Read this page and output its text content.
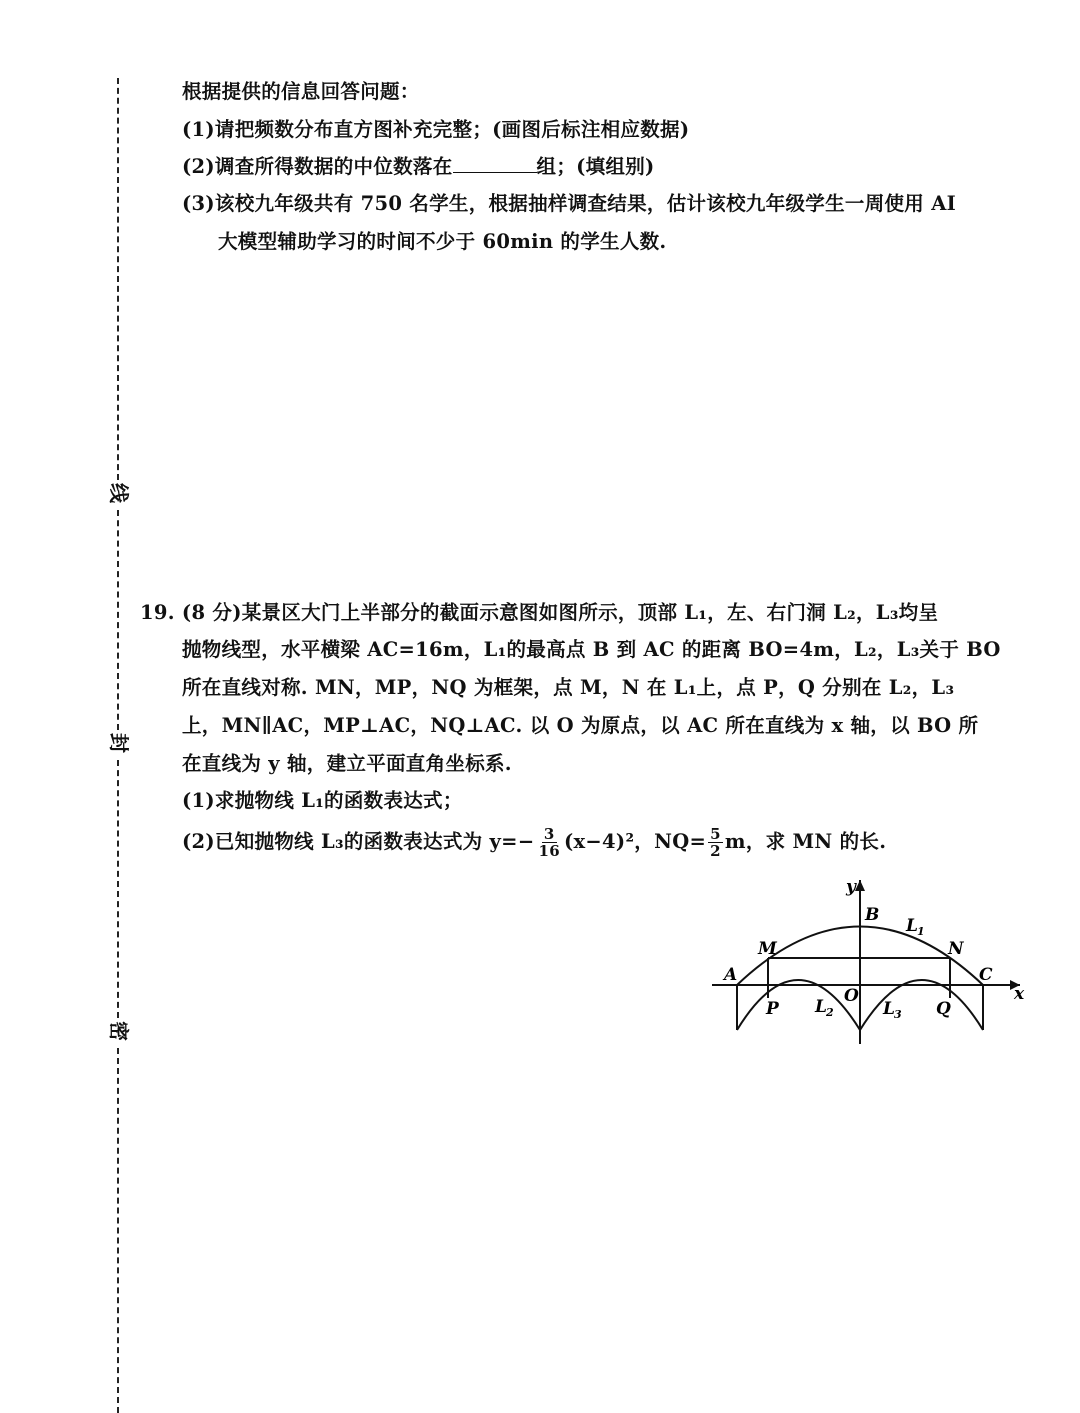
线
封
密
根据提供的信息回答问题：
(1)请把频数分布直方图补充完整；(画图后标注相应数据)
(2)调查所得数据的中位数落在	组；(填组别)
(3)该校九年级共有 750 名学生，根据抽样调查结果，估计该校九年级学生一周使用 AI
大模型辅助学习的时间不少于 60min 的学生人数.
19. (8 分)某景区大门上半部分的截面示意图如图所示，顶部 L₁，左、右门洞 L₂，L₃均呈
抛物线型，水平横梁 AC=16m，L₁的最高点 B 到 AC 的距离 BO=4m，L₂，L₃关于 BO
所在直线对称. MN，MP，NQ 为框架，点 M，N 在 L₁上，点 P，Q 分别在 L₂，L₃
上，MN∥AC，MP⊥AC，NQ⊥AC. 以 O 为原点，以 AC 所在直线为 x 轴，以 BO 所
在直线为 y 轴，建立平面直角坐标系.
(1)求抛物线 L₁的函数表达式；
(2)已知抛物线 L₃的函数表达式为 $y=- \frac{3}{16} (x-4)^2$，$NQ= \frac{5}{2}$ m，求 MN 的长.
y
x
B
L 1
M	N
A	C
O
P	Q
L 2	L 3
